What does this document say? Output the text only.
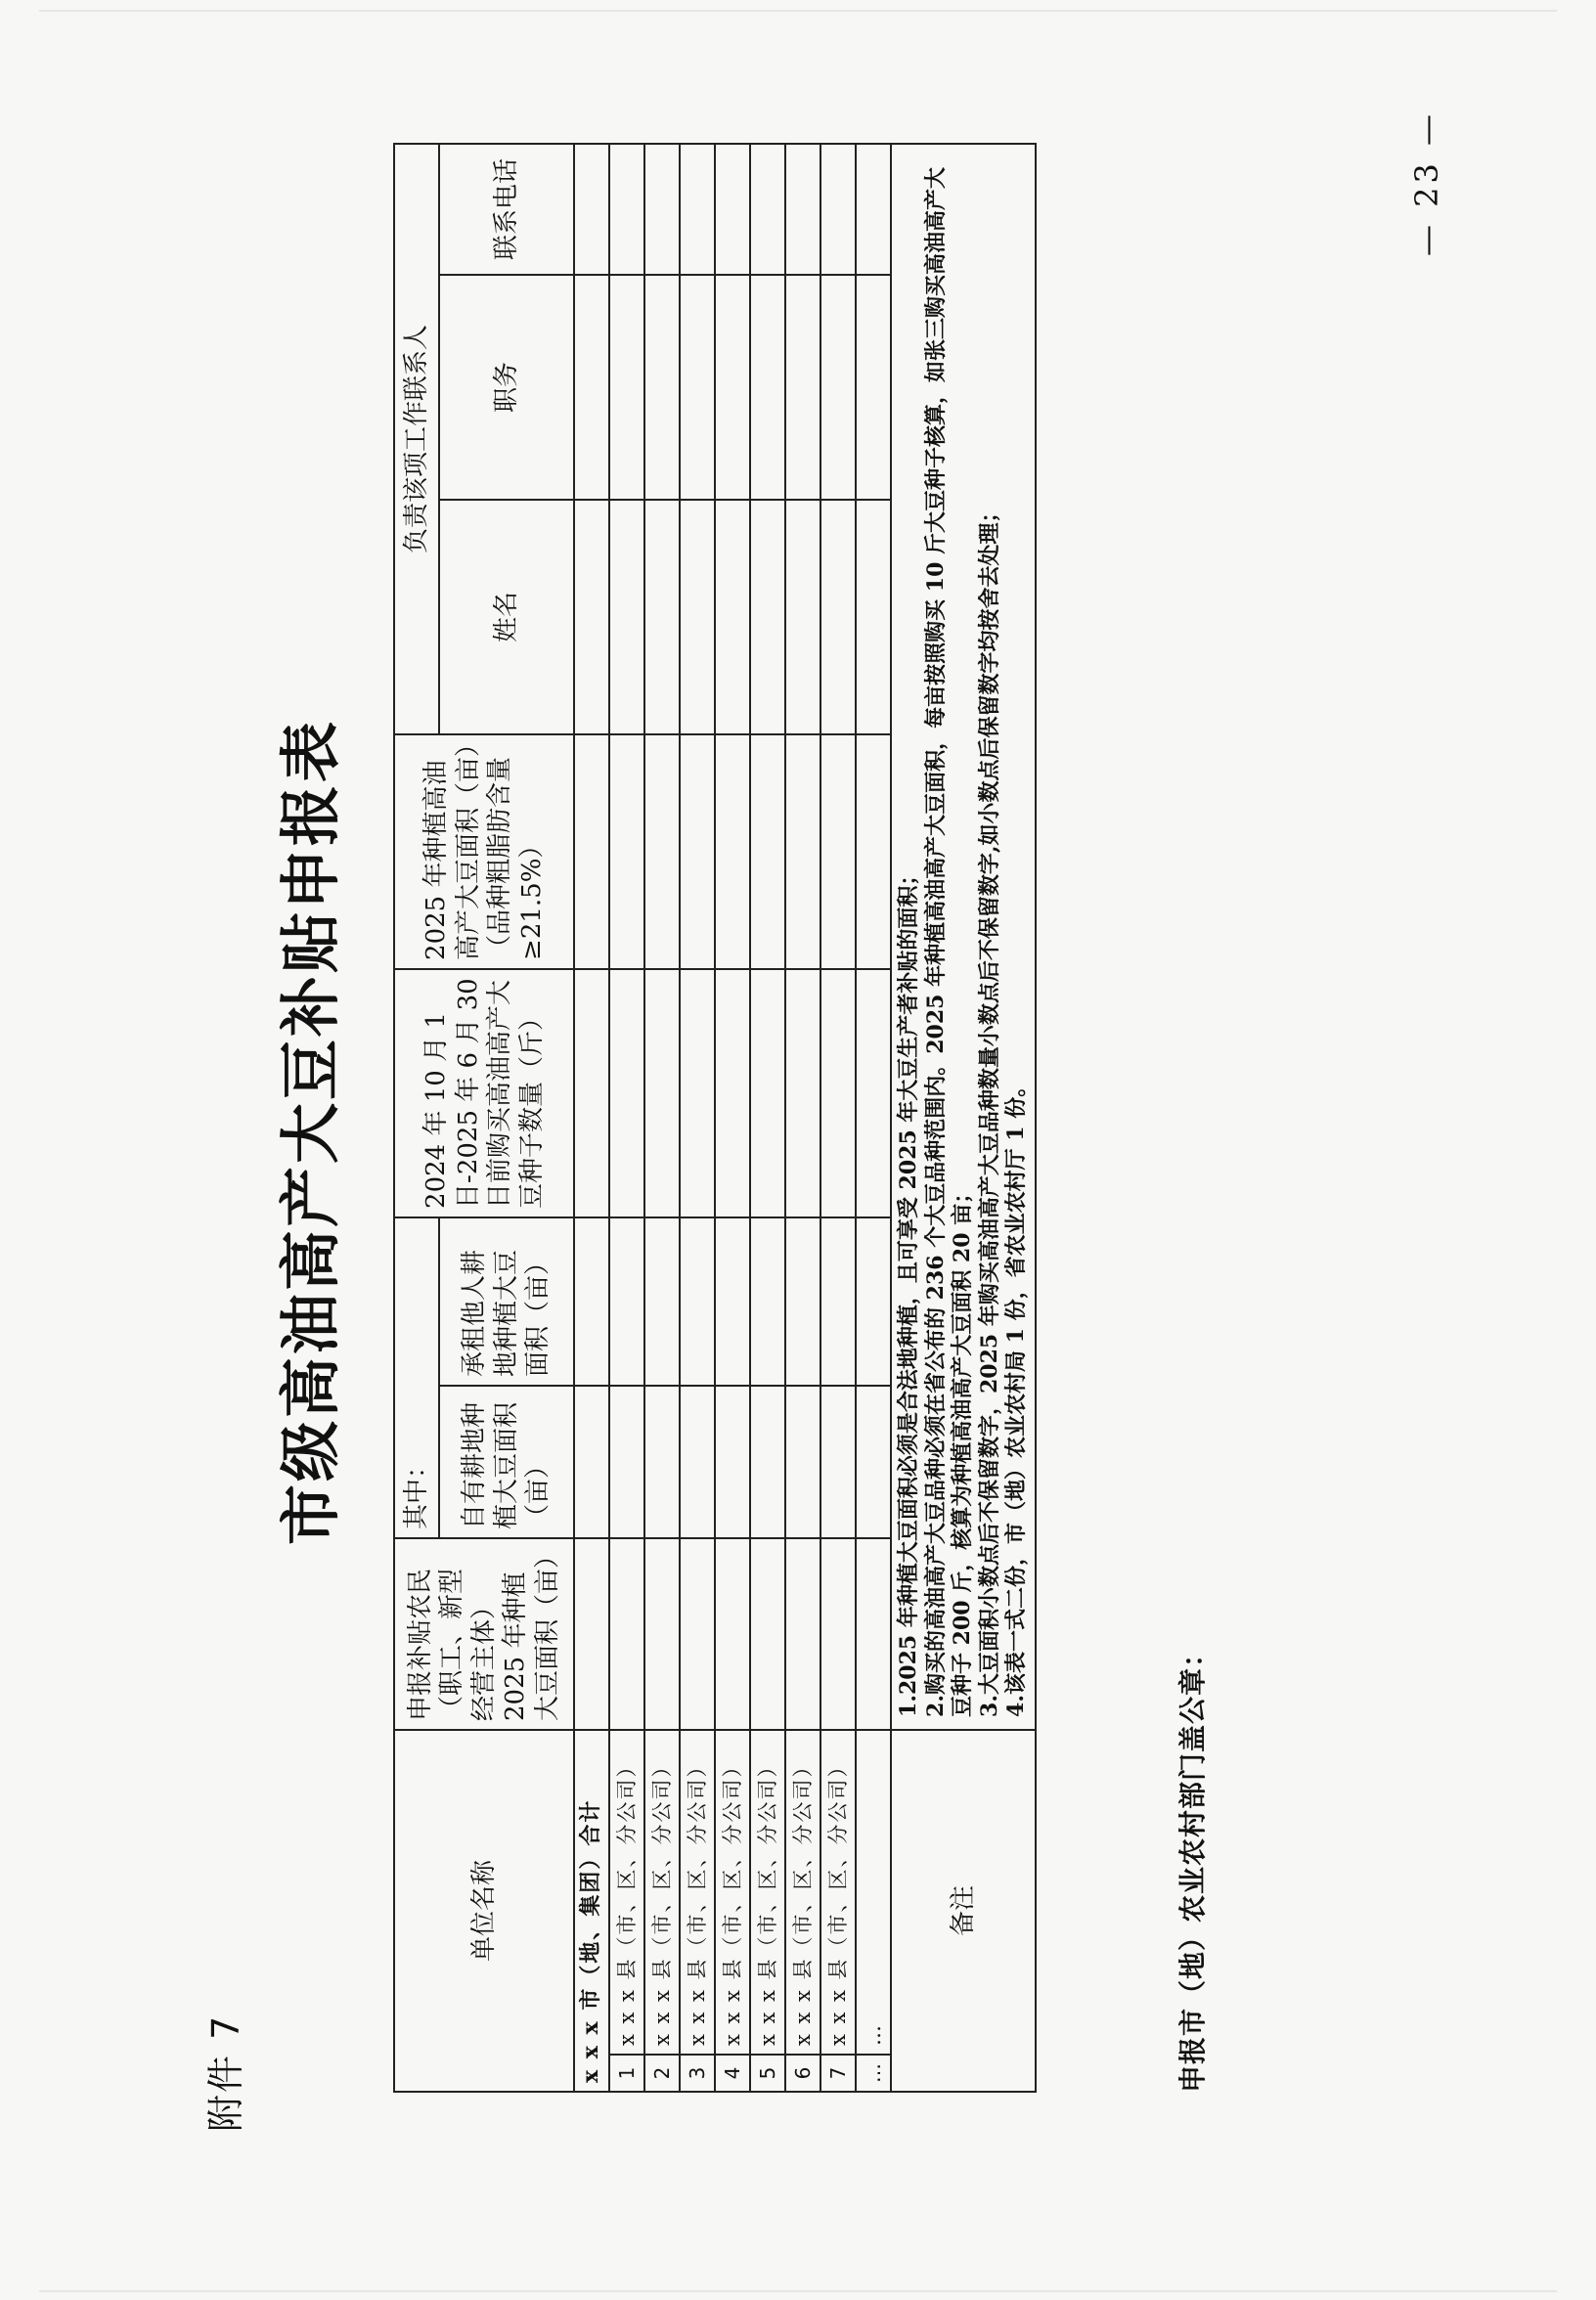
附件 7
市级高油高产大豆补贴申报表
单位名称		申报补贴农民（职工、新型经营主体）2025 年种植大豆面积（亩）	其中：		2024 年 10 月 1 日-2025 年 6 月 30 日前购买高油高产大豆种子数量（斤）	2025 年种植高油高产大豆面积（亩）（品种粗脂肪含量≥21.5%）	负责该项工作联系人		
			自有耕地种植大豆面积（亩）	承租他人耕地种植大豆面积（亩）			姓名	职务	联系电话

x x x 市（地、集团）合计									
1	x x x 县（市、区、分公司）								
2	x x x 县（市、区、分公司）								
3	x x x 县（市、区、分公司）								
4	x x x 县（市、区、分公司）								
5	x x x 县（市、区、分公司）								
6	x x x 县（市、区、分公司）								
7	x x x 县（市、区、分公司）								
…	…								
备注		1.2025 年种植大豆面积必须是合法地种植，且可享受 2025 年大豆生产者补贴的面积； 2.购买的高油高产大豆品种必须在省公布的 236 个大豆品种范围内。2025 年种植高油高产大豆面积，每亩按照购买 10 斤大豆种子核算，如张三购买高油高产大豆种子 200 斤，核算为种植高油高产大豆面积 20 亩； 3.大豆面积小数点后不保留数字，2025 年购买高油高产大豆品种数量小数点后不保留数字,如小数点后保留数字均按舍去处理； 4.该表一式二份，市（地）农业农村局 1 份，省农业农村厅 1 份。							
申报市（地）农业农村部门盖公章：
— 23 —
